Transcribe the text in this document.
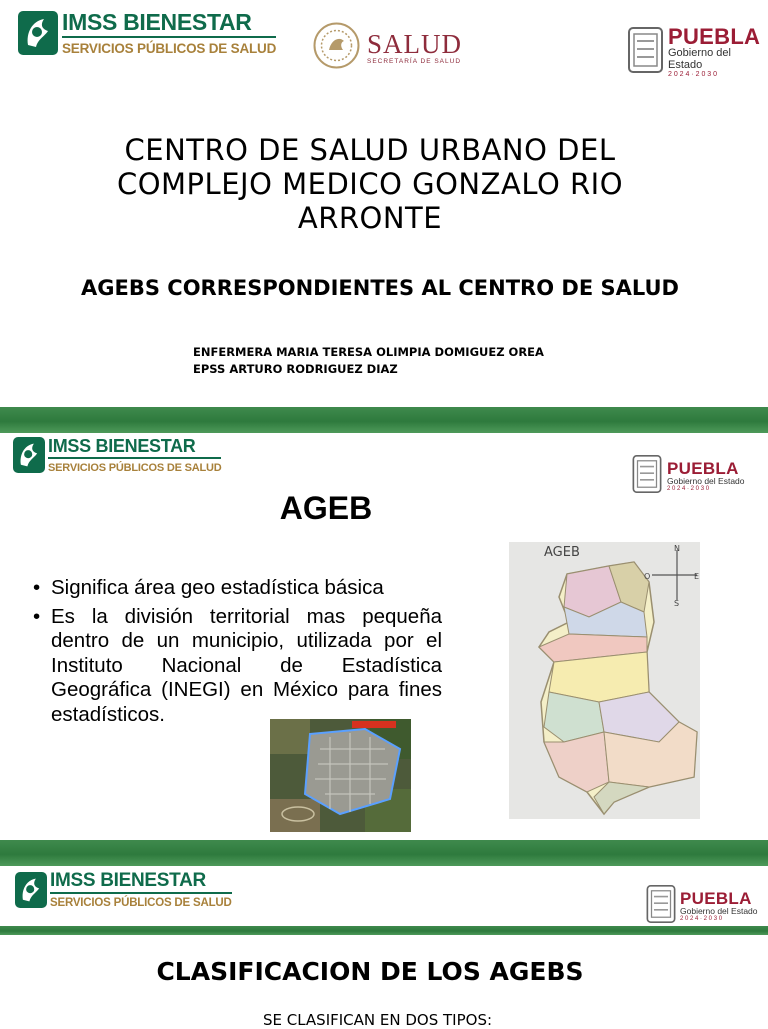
IMSS BIENESTAR
SERVICIOS PÚBLICOS DE SALUD	SALUD
SECRETARÍA DE SALUD
PUEBLA
Gobierno del Estado
2 0 2 4 · 2 0 3 0
CENTRO DE SALUD URBANO DEL COMPLEJO MEDICO GONZALO RIO ARRONTE
AGEBS CORRESPONDIENTES AL CENTRO DE SALUD
ENFERMERA MARIA TERESA OLIMPIA DOMIGUEZ OREA
EPSS ARTURO RODRIGUEZ DIAZ
IMSS BIENESTAR
SERVICIOS PÚBLICOS DE SALUD	PUEBLA
Gobierno del Estado
2 0 2 4 · 2 0 3 0
AGEB
• Significa área geo estadística básica
• Es la división territorial mas pequeña dentro de un municipio, utilizada por el Instituto Nacional de Estadística Geográfica (INEGI) en México para fines estadísticos.
AGEB	N
O	E
S
IMSS BIENESTAR
SERVICIOS PÚBLICOS DE SALUD	PUEBLA
Gobierno del Estado
2 0 2 4 · 2 0 3 0
CLASIFICACION DE LOS AGEBS
SE CLASIFICAN EN DOS TIPOS:
